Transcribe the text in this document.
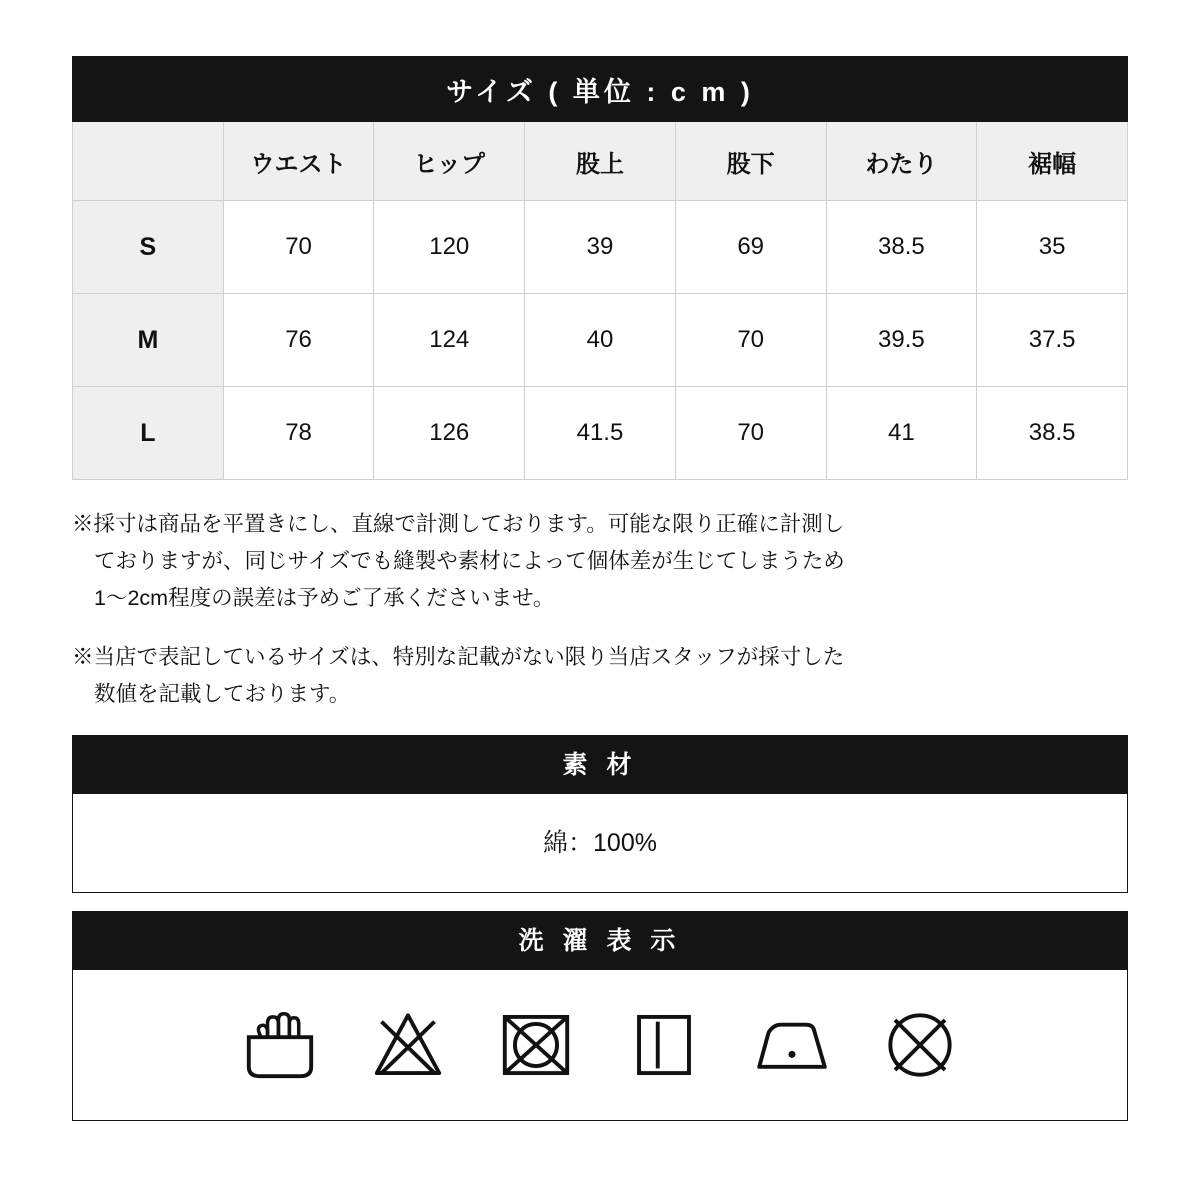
サイズ ( 単位 : c m )						
	ウエスト	ヒップ	股上	股下	わたり	裾幅
S	70	120	39	69	38.5	35
M	76	124	40	70	39.5	37.5
L	78	126	41.5	70	41	38.5
※採寸は商品を平置きにし、直線で計測しております。可能な限り正確に計測し
ておりますが、同じサイズでも縫製や素材によって個体差が生じてしまうため
1〜2cm程度の誤差は予めご了承くださいませ。
※当店で表記しているサイズは、特別な記載がない限り当店スタッフが採寸した
数値を記載しております。
素 材
綿：100%
洗 濯 表 示
